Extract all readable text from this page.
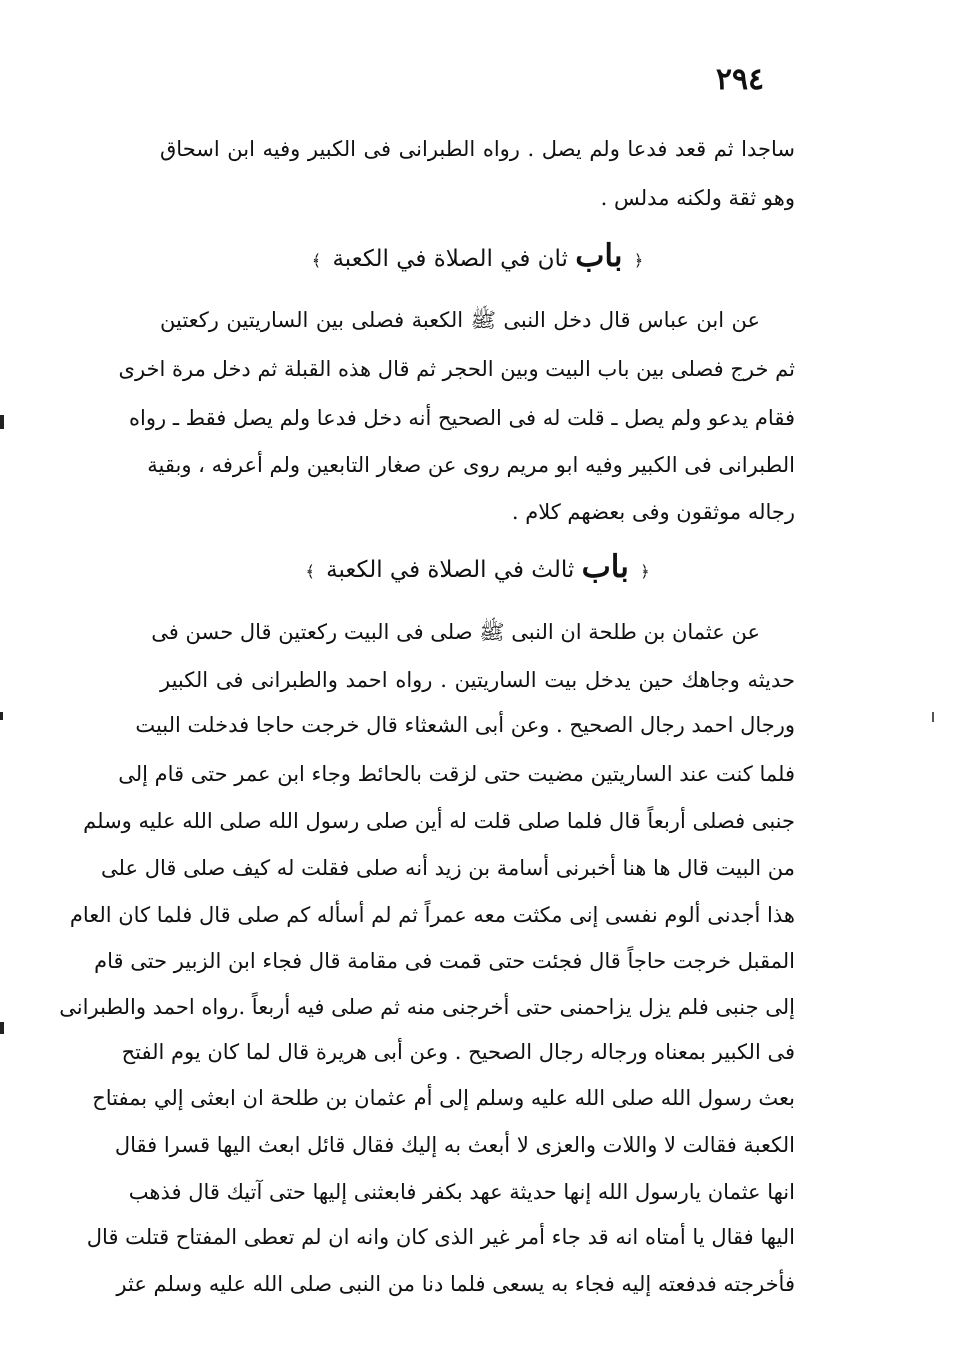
٢٩٤
ساجدا ثم قعد فدعا ولم يصل . رواه الطبرانى فى الكبير وفيه ابن اسحاق
وهو ثقة ولكنه مدلس .
﴿ باب ثان في الصلاة في الكعبة ﴾
عن ابن عباس قال دخل النبى ﷺ الكعبة فصلى بين الساريتين ركعتين
ثم خرج فصلى بين باب البيت وبين الحجر ثم قال هذه القبلة ثم دخل مرة اخرى
فقام يدعو ولم يصل ـ قلت له فى الصحيح أنه دخل فدعا ولم يصل فقط ـ رواه
الطبرانى فى الكبير وفيه ابو مريم روى عن صغار التابعين ولم أعرفه ، وبقية
رجاله موثقون وفى بعضهم كلام .
﴿ باب ثالث في الصلاة في الكعبة ﴾
عن عثمان بن طلحة ان النبى ﷺ صلى فى البيت ركعتين قال حسن فى
حديثه وجاهك حين يدخل بيت الساريتين . رواه احمد والطبرانى فى الكبير
ورجال احمد رجال الصحيح . وعن أبى الشعثاء قال خرجت حاجا فدخلت البيت
فلما كنت عند الساريتين مضيت حتى لزقت بالحائط وجاء ابن عمر حتى قام إلى
جنبى فصلى أربعاً قال فلما صلى قلت له أين صلى رسول الله صلى الله عليه وسلم
من البيت قال ها هنا أخبرنى أسامة بن زيد أنه صلى فقلت له كيف صلى قال على
هذا أجدنى ألوم نفسى إنى مكثت معه عمراً ثم لم أسأله كم صلى قال فلما كان العام
المقبل خرجت حاجاً قال فجئت حتى قمت فى مقامة قال فجاء ابن الزبير حتى قام
إلى جنبى فلم يزل يزاحمنى حتى أخرجنى منه ثم صلى فيه أربعاً .رواه احمد والطبرانى
فى الكبير بمعناه ورجاله رجال الصحيح . وعن أبى هريرة قال لما كان يوم الفتح
بعث رسول الله صلى الله عليه وسلم إلى أم عثمان بن طلحة ان ابعثى إلي بمفتاح
الكعبة فقالت لا واللات والعزى لا أبعث به إليك فقال قائل ابعث اليها قسرا فقال
انها عثمان يارسول الله إنها حديثة عهد بكفر فابعثنى إليها حتى آتيك قال فذهب
اليها فقال يا أمتاه انه قد جاء أمر غير الذى كان وانه ان لم تعطى المفتاح قتلت قال
فأخرجته فدفعته إليه فجاء به يسعى فلما دنا من النبى صلى الله عليه وسلم عثر
